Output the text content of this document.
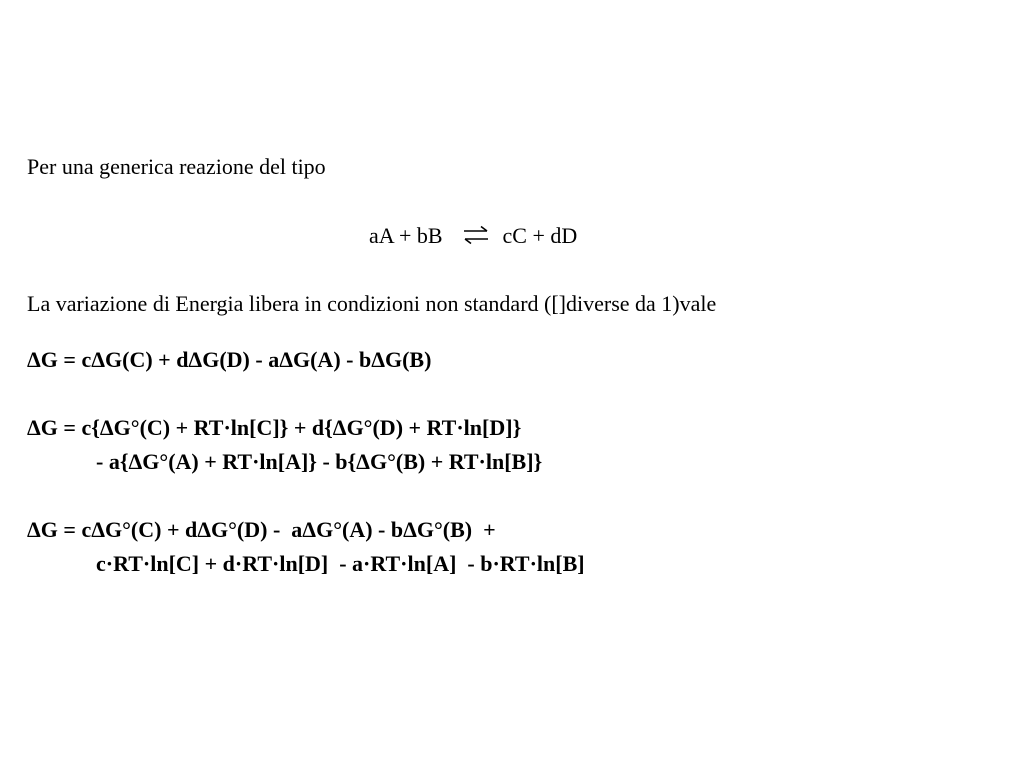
Per una generica reazione del tipo
aA + bB ⇌ cC + dD
La variazione di Energia libera in condizioni non standard ([]diverse da 1)vale
ΔG = cΔG(C) + dΔG(D) - aΔG(A) - bΔG(B)
ΔG = c{ΔG°(C) + RT·ln[C]} + d{ΔG°(D) + RT·ln[D]}
- a{ΔG°(A) + RT·ln[A]} - b{ΔG°(B) + RT·ln[B]}
ΔG = cΔG°(C) + dΔG°(D) -  aΔG°(A) - bΔG°(B)  +
c·RT·ln[C] + d·RT·ln[D]  - a·RT·ln[A]  - b·RT·ln[B]
